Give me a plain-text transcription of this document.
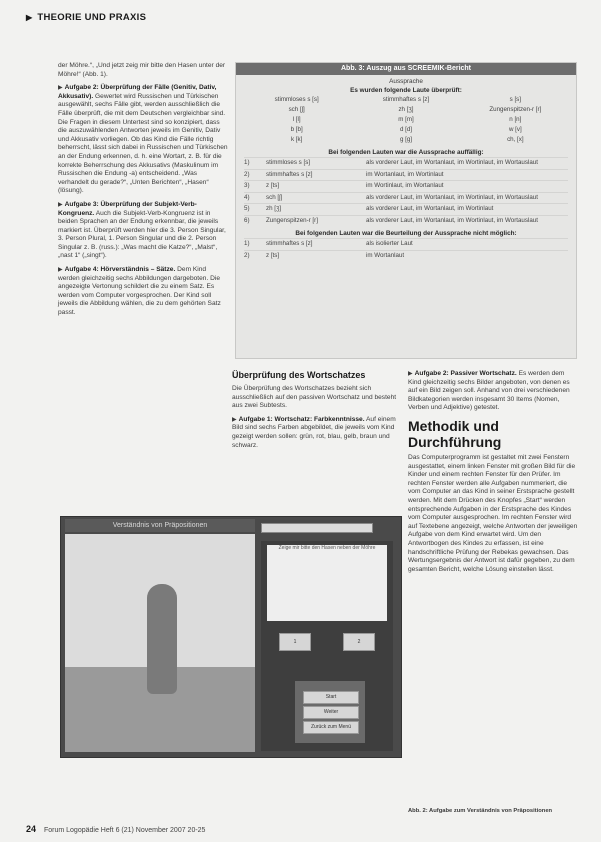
▶ THEORIE UND PRAXIS

der Möhre.“, „Und jetzt zeig mir bitte den Hasen unter der Möhre!“ (Abb. 1).

▶ Aufgabe 2: Überprüfung der Fälle (Genitiv, Dativ, Akkusativ). Gewertet wird Russischen und Türkischen ausgewählt, sechs Fälle gibt, werden ausschließlich die Fälle überprüft, die mit dem Deutschen vergleichbar sind. Die Fragen in diesem Untertest sind so konzipiert, dass die auszuwählenden Antworten jeweils im Genitiv, Dativ und Akkusativ vorliegen. Ob das Kind die Fälle richtig beherrscht, lässt sich dabei in Russischen und Türkischen an der Endung erkennen, d. h. eine Wortart, z. B. für die korrekte Beherrschung des Akkusativs (Maskulinum im Russischen die Endung -a) entscheidend. „Was verhandelt du gerade?“, „Unten Berichten“, „Hasen“ (lösung).

▶ Aufgabe 3: Überprüfung der Subjekt-Verb-Kongruenz. Auch die Subjekt-Verb-Kongruenz ist in beiden Sprachen an der Endung erkennbar, die jeweils markiert ist. Überprüft werden hier die 3. Person Singular, 3. Person Plural, 1. Person Singular und die 2. Person Singular z. B. (russ.): „Was macht die Katze?“, „Malst“, „nast 1“ („singt“).

▶ Aufgabe 4: Hörverständnis – Sätze. Dem Kind werden gleichzeitig sechs Abbildungen dargeboten. Die angezeigte Vertonung schildert die zu einem Satz. Es werden vom Computer vorgesprochen. Der Kind soll jeweils die Abbildung wählen, die zu dem gehörten Satz passt.

Abb. 3: Auszug aus SCREEMIK-Bericht
Aussprache
Es wurden folgende Laute überprüft:
stimmloses s [s]	stimmhaftes s [z]	s [s]
sch [ʃ]	zh [ʒ]	Zungenspitzen-r [r]
l [l]	m [m]	n [n]
b [b]	d [d]	w [v]
k [k]	ɡ [ɡ]	ch, [x]
Bei folgenden Lauten war die Aussprache auffällig:
1)	stimmloses s [s]	als vorderer Laut, im Wortanlaut, im Wortinlaut, im Wortauslaut
2)	stimmhaftes s [z]	im Wortanlaut, im Wortinlaut
3)	z [ts]	im Wortinlaut, im Wortanlaut
4)	sch [ʃ]	als vorderer Laut, im Wortanlaut, im Wortinlaut, im Wortauslaut
5)	zh [ʒ]	als vorderer Laut, im Wortanlaut, im Wortinlaut
6)	Zungenspitzen-r [r]	als vorderer Laut, im Wortanlaut, im Wortinlaut, im Wortauslaut
Bei folgenden Lauten war die Beurteilung der Aussprache nicht möglich:
1)	stimmhaftes s [z]	als isolierter Laut
2)	z [ts]	im Wortanlaut
Überprüfung des Wortschatzes

Die Überprüfung des Wortschatzes bezieht sich ausschließlich auf den passiven Wortschatz und besteht aus zwei Subtests.

▶ Aufgabe 1: Wortschatz: Farbkenntnisse. Auf einem Bild sind sechs Farben abgebildet, die jeweils vom Kind gezeigt werden sollen: grün, rot, blau, gelb, braun und schwarz.

▶ Aufgabe 2: Passiver Wortschatz. Es werden dem Kind gleichzeitig sechs Bilder angeboten, von denen es auf ein Bild zeigen soll. Anhand von drei verschiedenen Bildkategorien werden insgesamt 30 Items (Nomen, Verben und Adjektive) getestet.

Methodik und Durchführung

Das Computerprogramm ist gestaltet mit zwei Fenstern ausgestattet, einem linken Fenster mit großen Bild für die Kinder und einem rechten Fenster für den Prüfer. Im rechten Fenster werden alle Aufgaben nummeriert, die vom Computer an das Kind in seiner Erstsprache gestellt werden. Mit dem Drücken des Knopfes „Start“ werden entsprechende Aufgaben in der Erstsprache des Kindes vom Computer ausgesprochen. Im rechten Fenster wird auf Textebene angezeigt, welche Antworten der jeweiligen Aufgabe von dem Kind erwartet wird. Um den Antwortbogen des Kindes zu erfassen, ist eine handschriftliche Prüfung der Rebekas gewachsen. Das Wertungsergebnis der Antwort ist dafür gegeben, zu dem gesamten Bericht, welche Lösung einstellen lässt.

Verständnis von Präpositionen
Zeige mir bitte den Hasen neben der Möhre
1	2
Start
Weiter
Zurück zum Menü
Abb. 2: Aufgabe zum Verständnis von Präpositionen
24 Forum Logopädie Heft 6 (21) November 2007 20-25
